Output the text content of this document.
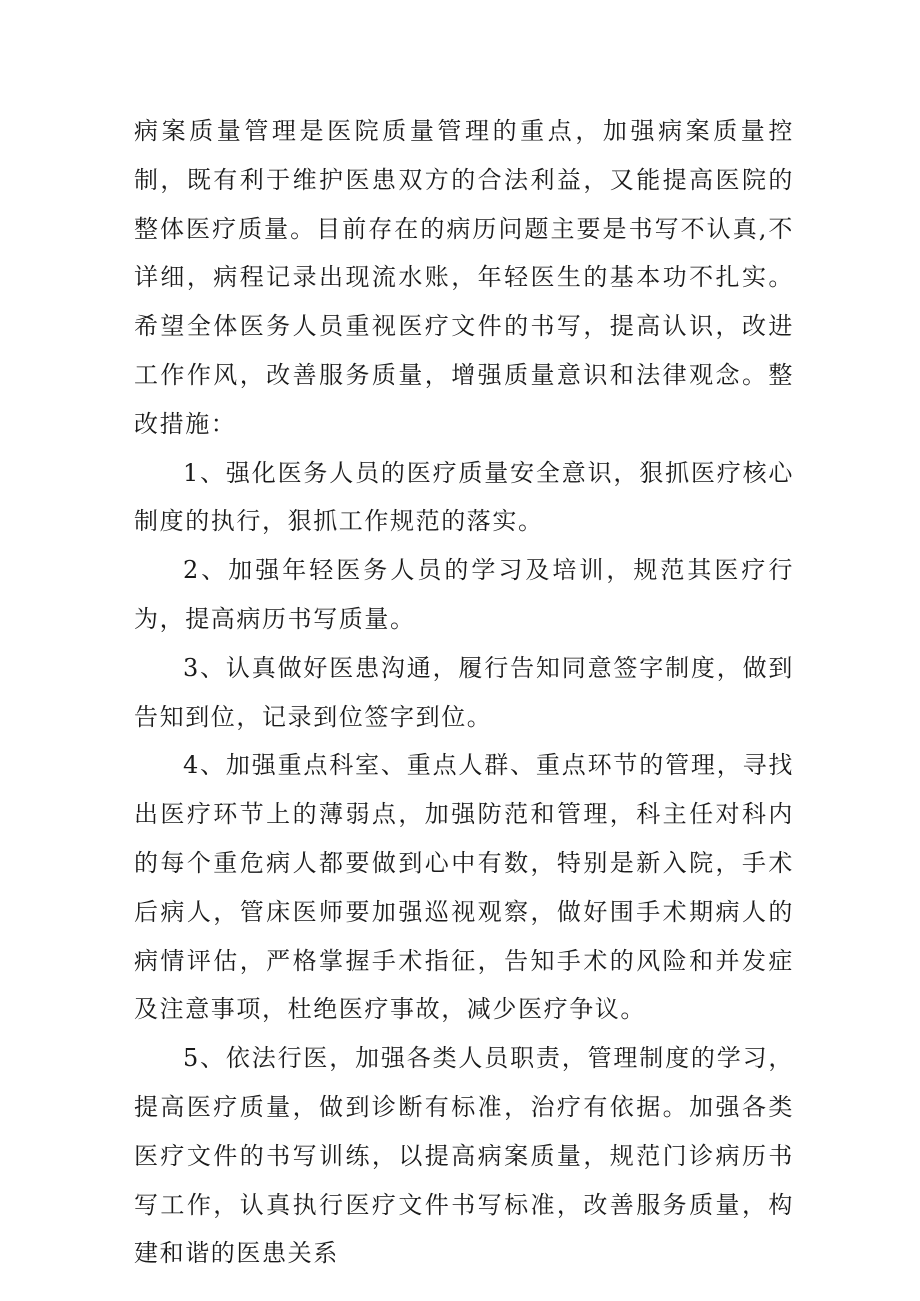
病案质量管理是医院质量管理的重点，加强病案质量控制，既有利于维护医患双方的合法利益，又能提高医院的整体医疗质量。目前存在的病历问题主要是书写不认真,不详细，病程记录出现流水账，年轻医生的基本功不扎实。希望全体医务人员重视医疗文件的书写，提高认识，改进工作作风，改善服务质量，增强质量意识和法律观念。整改措施：

1、强化医务人员的医疗质量安全意识，狠抓医疗核心制度的执行，狠抓工作规范的落实。

2、加强年轻医务人员的学习及培训，规范其医疗行为，提高病历书写质量。

3、认真做好医患沟通，履行告知同意签字制度，做到告知到位，记录到位签字到位。

4、加强重点科室、重点人群、重点环节的管理，寻找出医疗环节上的薄弱点，加强防范和管理，科主任对科内的每个重危病人都要做到心中有数，特别是新入院，手术后病人，管床医师要加强巡视观察，做好围手术期病人的病情评估，严格掌握手术指征，告知手术的风险和并发症及注意事项，杜绝医疗事故，减少医疗争议。

5、依法行医，加强各类人员职责，管理制度的学习，提高医疗质量，做到诊断有标准，治疗有依据。加强各类医疗文件的书写训练，以提高病案质量，规范门诊病历书写工作，认真执行医疗文件书写标准，改善服务质量，构建和谐的医患关系
